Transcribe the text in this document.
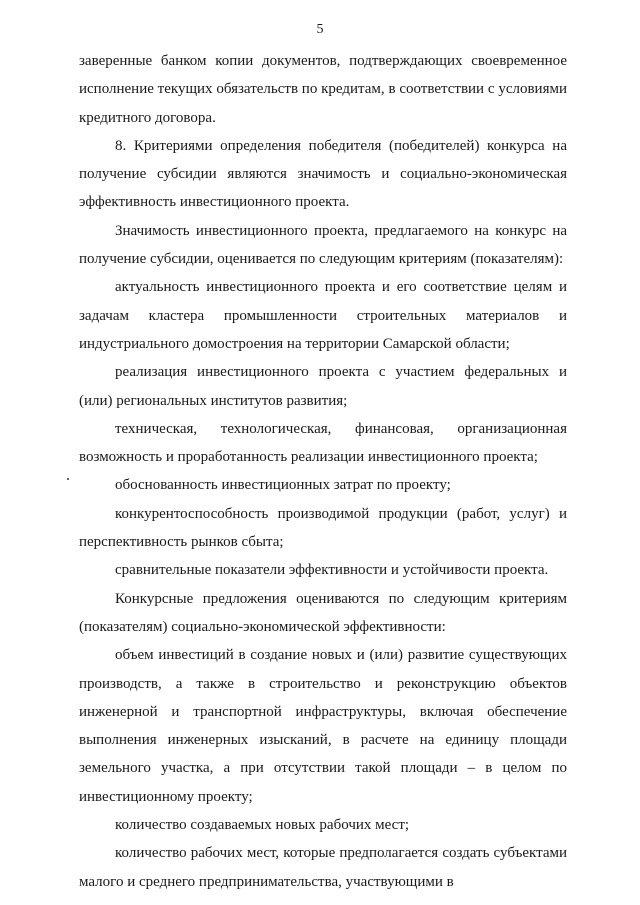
5

заверенные банком копии документов, подтверждающих своевременное исполнение текущих обязательств по кредитам, в соответствии с условиями кредитного договора.

8. Критериями определения победителя (победителей) конкурса на получение субсидии являются значимость и социально-экономическая эффективность инвестиционного проекта.

Значимость инвестиционного проекта, предлагаемого на конкурс на получение субсидии, оценивается по следующим критериям (показателям):

актуальность инвестиционного проекта и его соответствие целям и задачам кластера промышленности строительных материалов и индустриального домостроения на территории Самарской области;

реализация инвестиционного проекта с участием федеральных и (или) региональных институтов развития;

техническая, технологическая, финансовая, организационная возможность и проработанность реализации инвестиционного проекта;

обоснованность инвестиционных затрат по проекту;

конкурентоспособность производимой продукции (работ, услуг) и перспективность рынков сбыта;

сравнительные показатели эффективности и устойчивости проекта.

Конкурсные предложения оцениваются по следующим критериям (показателям) социально-экономической эффективности:

объем инвестиций в создание новых и (или) развитие существующих производств, а также в строительство и реконструкцию объектов инженерной и транспортной инфраструктуры, включая обеспечение выполнения инженерных изысканий, в расчете на единицу площади земельного участка, а при отсутствии такой площади – в целом по инвестиционному проекту;

количество создаваемых новых рабочих мест;

количество рабочих мест, которые предполагается создать субъектами малого и среднего предпринимательства, участвующими в
